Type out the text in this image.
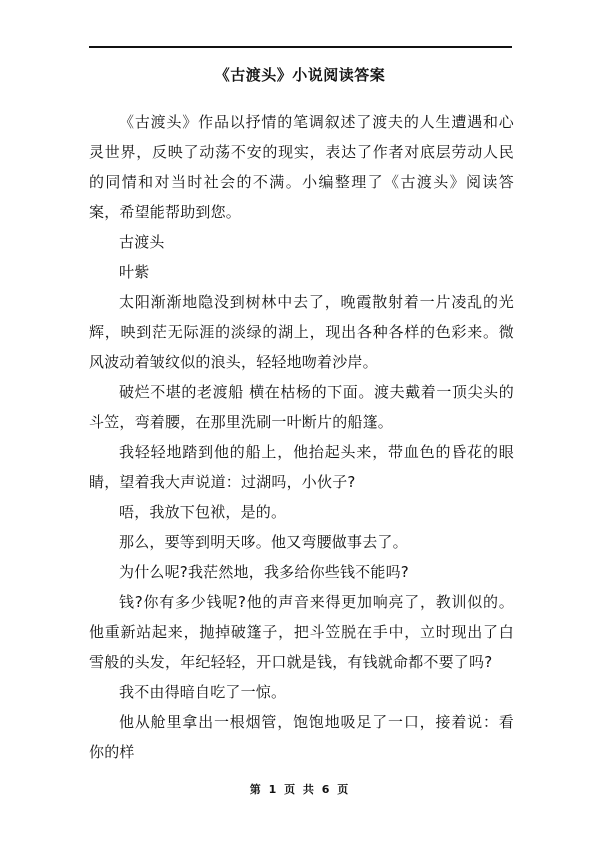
《古渡头》小说阅读答案

《古渡头》作品以抒情的笔调叙述了渡夫的人生遭遇和心灵世界，反映了动荡不安的现实，表达了作者对底层劳动人民的同情和对当时社会的不满。小编整理了《古渡头》阅读答案，希望能帮助到您。

古渡头

叶紫

太阳渐渐地隐没到树林中去了，晚霞散射着一片凌乱的光辉，映到茫无际涯的淡绿的湖上，现出各种各样的色彩来。微风波动着皱纹似的浪头，轻轻地吻着沙岸。

破烂不堪的老渡船 横在枯杨的下面。渡夫戴着一顶尖头的斗笠，弯着腰，在那里洗刷一叶断片的船篷。

我轻轻地踏到他的船上，他抬起头来，带血色的昏花的眼睛，望着我大声说道：过湖吗，小伙子?

唔，我放下包袱，是的。

那么，要等到明天哆。他又弯腰做事去了。

为什么呢?我茫然地，我多给你些钱不能吗?

钱?你有多少钱呢?他的声音来得更加响亮了，教训似的。他重新站起来，抛掉破篷子，把斗笠脱在手中，立时现出了白雪般的头发，年纪轻轻，开口就是钱，有钱就命都不要了吗?

我不由得暗自吃了一惊。

他从舱里拿出一根烟管，饱饱地吸足了一口，接着说：看你的样

第 1 页 共 6 页
